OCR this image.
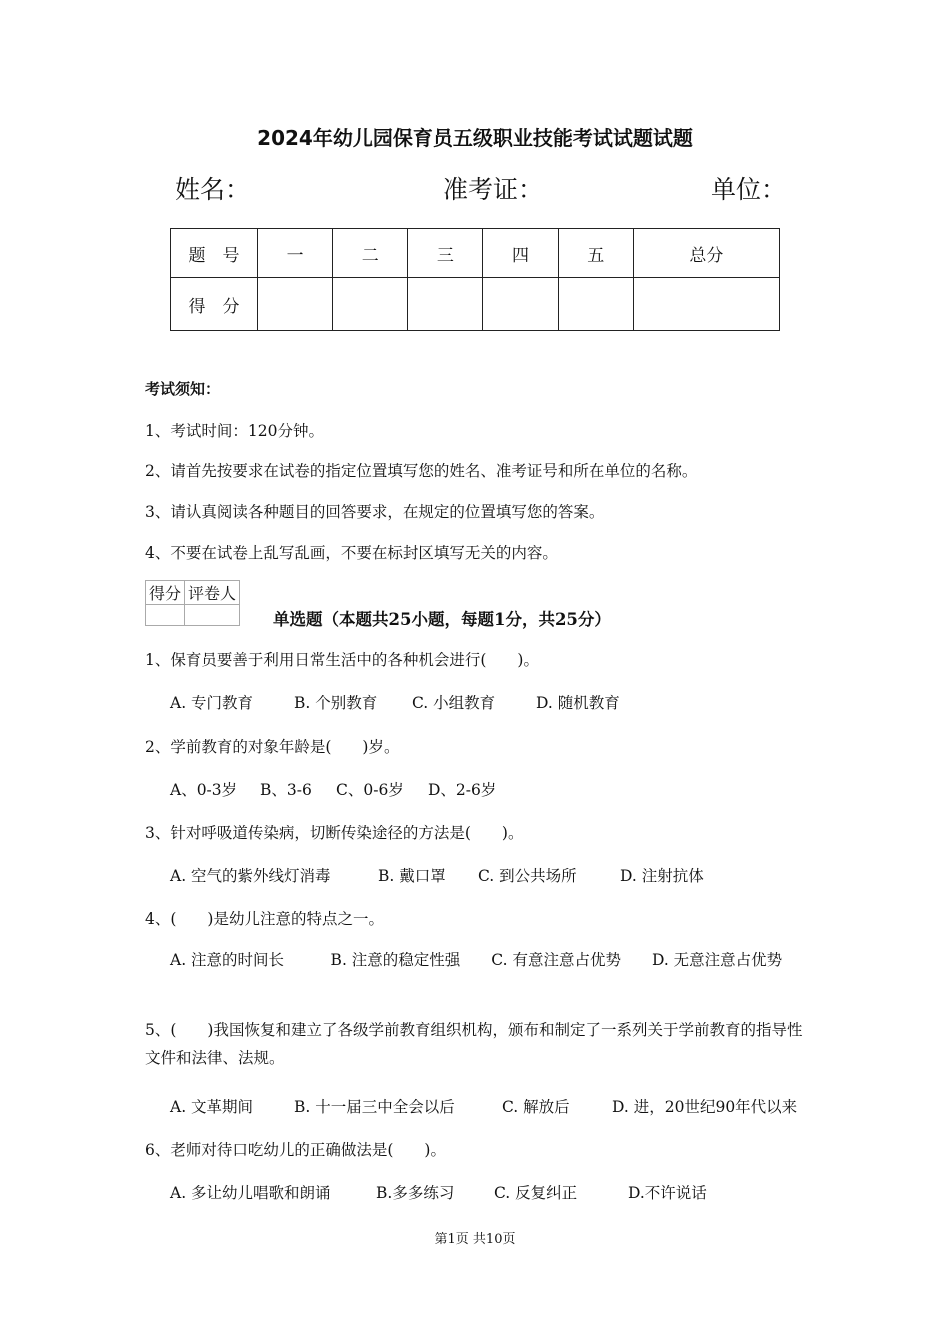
2024年幼儿园保育员五级职业技能考试试题试题
姓名：	准考证：	单位：
题　号	一	二	三	四	五	总分
得　分						
考试须知：
1、考试时间：120分钟。
2、请首先按要求在试卷的指定位置填写您的姓名、准考证号和所在单位的名称。
3、请认真阅读各种题目的回答要求，在规定的位置填写您的答案。
4、不要在试卷上乱写乱画，不要在标封区填写无关的内容。
得分	评卷人

单选题（本题共25小题，每题1分，共25分）
1、保育员要善于利用日常生活中的各种机会进行(　　)。
A. 专门教育	B. 个别教育 C. 小组教育	D. 随机教育
2、学前教育的对象年龄是(　　)岁。
A、0-3岁 B、3-6 C、0-6岁 D、2-6岁
3、针对呼吸道传染病，切断传染途径的方法是(　　)。
A. 空气的紫外线灯消毒	B. 戴口罩 C. 到公共场所	D. 注射抗体
4、(　　)是幼儿注意的特点之一。
A. 注意的时间长　　　B. 注意的稳定性强　　C. 有意注意占优势　　D. 无意注意占优势
5、(　　)我国恢复和建立了各级学前教育组织机构，颁布和制定了一系列关于学前教育的指导性文件和法律、法规。
A. 文革期间	B. 十一届三中全会以后	C. 解放后	D. 进，20世纪90年代以来
6、老师对待口吃幼儿的正确做法是(　　)。
A. 多让幼儿唱歌和朗诵	B.多多练习	C. 反复纠正	D.不许说话
第1页 共10页
